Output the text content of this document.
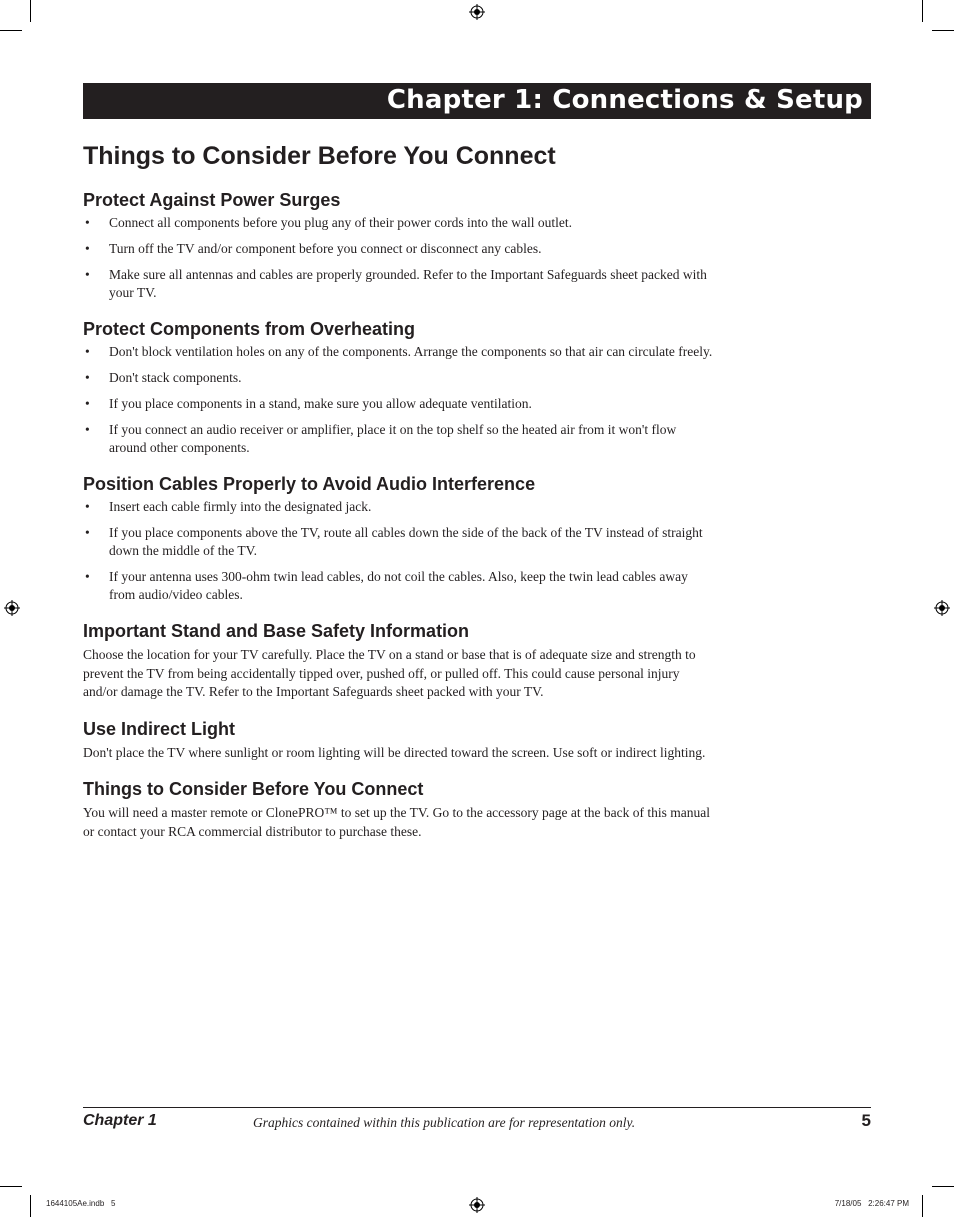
Chapter 1: Connections & Setup
Things to Consider Before You Connect
Protect Against Power Surges
• Connect all components before you plug any of their power cords into the wall outlet.
• Turn off the TV and/or component before you connect or disconnect any cables.
• Make sure all antennas and cables are properly grounded. Refer to the Important Safeguards sheet packed with your TV.
Protect Components from Overheating
• Don't block ventilation holes on any of the components. Arrange the components so that air can circulate freely.
• Don't stack components.
• If you place components in a stand, make sure you allow adequate ventilation.
• If you connect an audio receiver or amplifier, place it on the top shelf so the heated air from it won't flow around other components.
Position Cables Properly to Avoid Audio Interference
• Insert each cable firmly into the designated jack.
• If you place components above the TV, route all cables down the side of the back of the TV instead of straight down the middle of the TV.
• If your antenna uses 300-ohm twin lead cables, do not coil the cables. Also, keep the twin lead cables away from audio/video cables.
Important Stand and Base Safety Information

Choose the location for your TV carefully. Place the TV on a stand or base that is of adequate size and strength to prevent the TV from being accidentally tipped over, pushed off, or pulled off. This could cause personal injury and/or damage the TV. Refer to the Important Safeguards sheet packed with your TV.

Use Indirect Light

Don't place the TV where sunlight or room lighting will be directed toward the screen. Use soft or indirect lighting.

Things to Consider Before You Connect

You will need a master remote or ClonePRO™ to set up the TV. Go to the accessory page at the back of this manual or contact your RCA commercial distributor to purchase these.

Chapter 1	Graphics contained within this publication are for representation only.	5
1644105Ae.indb   5	7/18/05   2:26:47 PM
